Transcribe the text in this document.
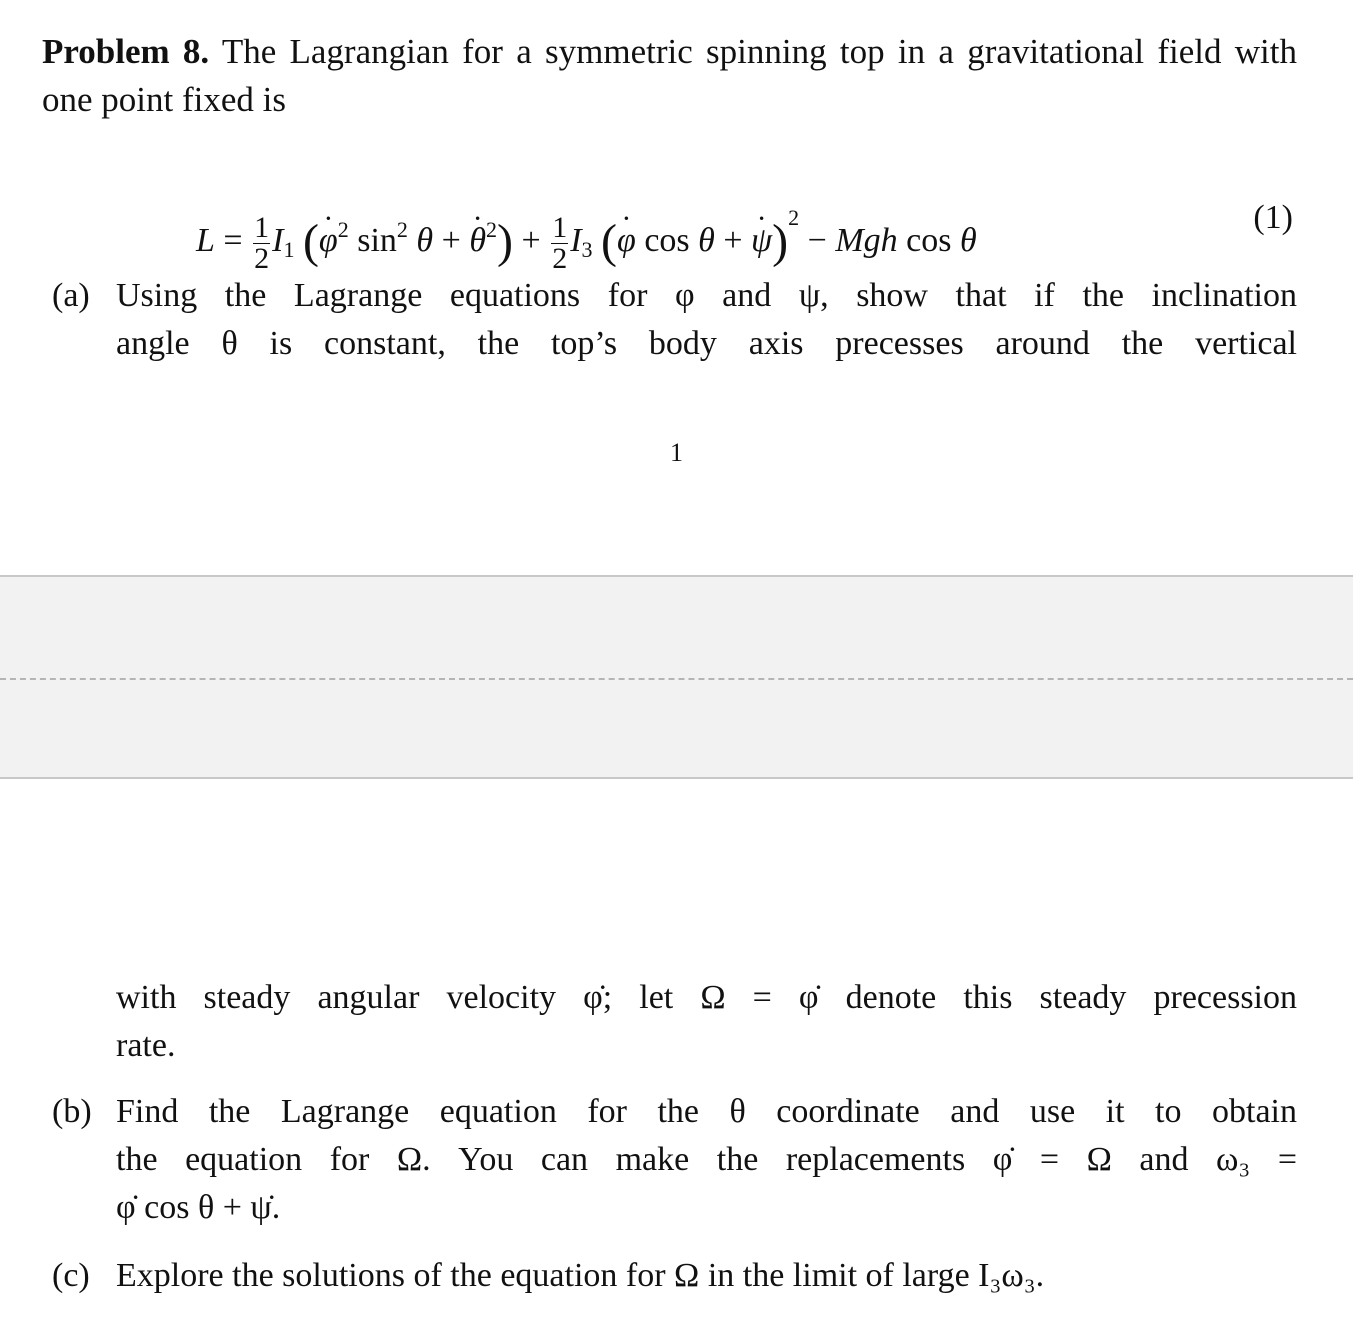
Problem 8. The Lagrangian for a symmetric spinning top in a gravitational field with one point fixed is
$L = \frac{1}{2} I_1$ (· $\varphi^2$ $\sin^2 \theta$ + · $\theta^2) + \frac{1}{2} I_3$ (· φ cos θ + · ψ)$^2$ − Mgh cos θ
(1)
(a) Using the Lagrange equations for φ and ψ, show that if the inclination
angle θ is constant, the top’s body axis precesses around the vertical
1
with steady angular velocity φ̇; let Ω = φ̇ denote this steady precession
rate.
(b) Find the Lagrange equation for the θ coordinate and use it to obtain
the equation for Ω. You can make the replacements φ̇ = Ω and ω₃ =
φ̇ cos θ + ψ̇.
(c) Explore the solutions of the equation for Ω in the limit of large I₃ω₃.
